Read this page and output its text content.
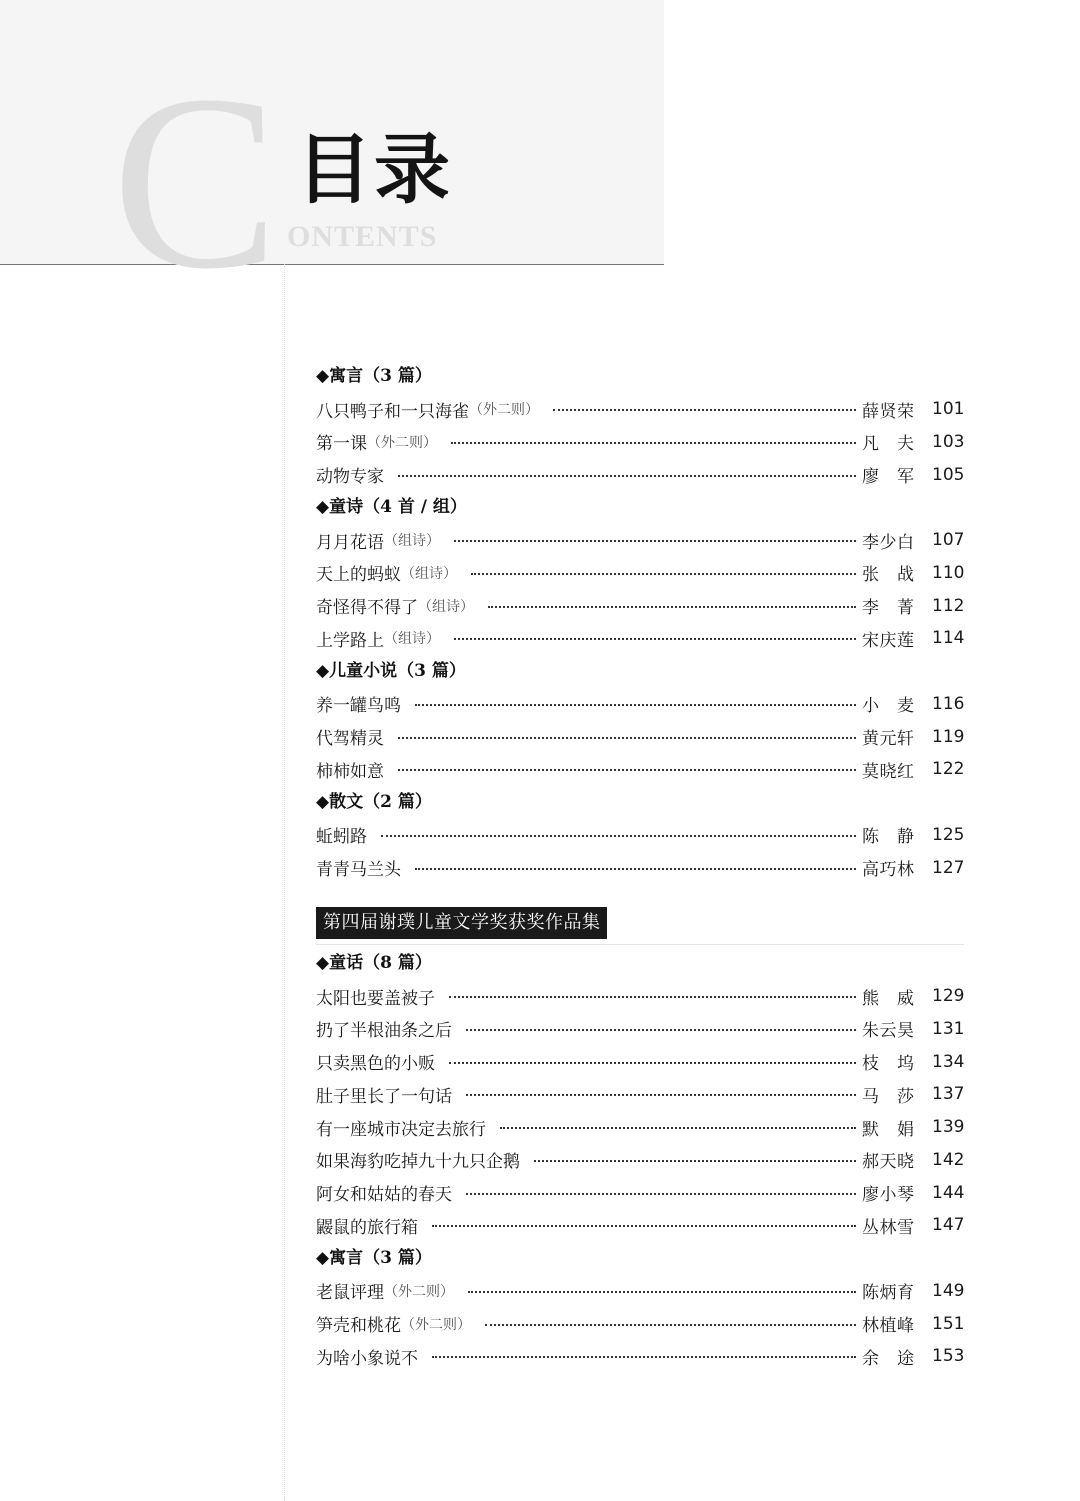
C ONTENTS
目录
◆寓言（3 篇）
八只鸭子和一只海雀 （外二则）	薛贤荣 101
第一课 （外二则）	凡夫 103
动物专家	廖军 105
◆童诗（4 首 / 组）
月月花语 （组诗）	李少白 107
天上的蚂蚁 （组诗）	张战 110
奇怪得不得了 （组诗）	李菁 112
上学路上 （组诗）	宋庆莲 114
◆儿童小说（3 篇）
养一罐鸟鸣	小麦 116
代驾精灵	黄元轩 119
柿柿如意	莫晓红 122
◆散文（2 篇）
蚯蚓路	陈静 125
青青马兰头	高巧林 127
第四届谢璞儿童文学奖获奖作品集
◆童话（8 篇）
太阳也要盖被子	熊威 129
扔了半根油条之后	朱云昊 131
只卖黑色的小贩	枝坞 134
肚子里长了一句话	马莎 137
有一座城市决定去旅行	默娟 139
如果海豹吃掉九十九只企鹅	郝天晓 142
阿女和姑姑的春天	廖小琴 144
鼹鼠的旅行箱	丛林雪 147
◆寓言（3 篇）
老鼠评理 （外二则）	陈炳育 149
笋壳和桃花 （外二则）	林植峰 151
为啥小象说不	余途 153
